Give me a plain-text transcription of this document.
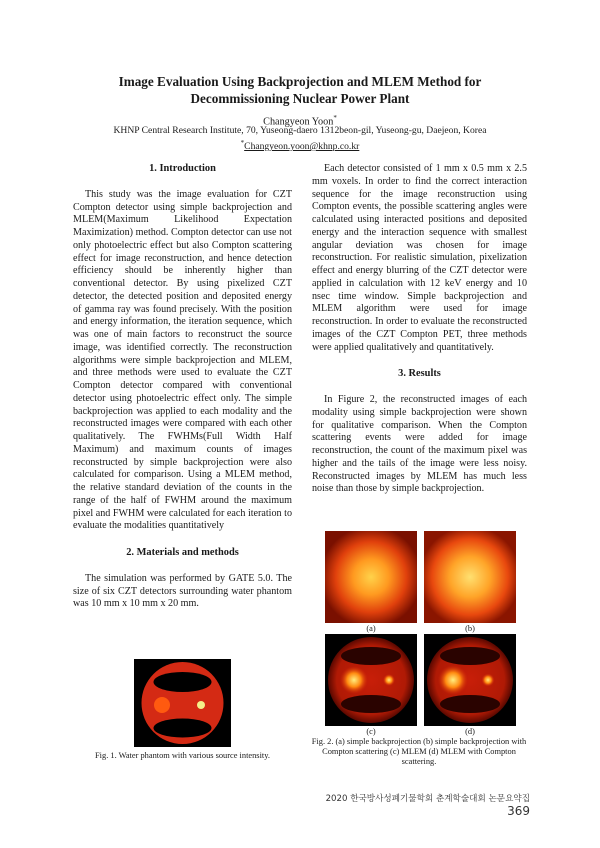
Image Evaluation Using Backprojection and MLEM Method for
Decommissioning Nuclear Power Plant
Changyeon Yoon*
KHNP Central Research Institute, 70, Yuseong-daero 1312beon-gil, Yuseong-gu, Daejeon, Korea
*Changyeon.yoon@khnp.co.kr
1. Introduction
This study was the image evaluation for CZT Compton detector using simple backprojection and MLEM(Maximum Likelihood Expectation Maximization) method. Compton detector can use not only photoelectric effect but also Compton scattering effect for image reconstruction, and hence detection efficiency should be inherently higher than conventional detector. By using pixelized CZT detector, the detected position and deposited energy of gamma ray was found precisely. With the position and energy information, the iteration sequence, which was one of main factors to reconstruct the source image, was identified correctly. The reconstruction algorithms were simple backprojection and MLEM, and three methods were used to evaluate the CZT Compton detector compared with conventional detector using photoelectric effect only. The simple backprojection was applied to each modality and the reconstructed images were compared with each other qualitatively. The FWHMs(Full Width Half Maximum) and maximum counts of images reconstructed by simple backprojection were also calculated for comparison. Using a MLEM method, the relative standard deviation of the counts in the range of the half of FWHM around the maximum pixel and FWHM were calculated for each iteration to evaluate the modalities quantitatively
2. Materials and methods
The simulation was performed by GATE 5.0. The size of six CZT detectors surrounding water phantom was 10 mm x 10 mm x 20 mm.
Fig. 1. Water phantom with various source intensity.
Each detector consisted of 1 mm x 0.5 mm x 2.5 mm voxels. In order to find the correct interaction sequence for the image reconstruction using Compton events, the possible scattering angles were calculated using interacted positions and deposited energy and the interaction sequence with smallest angular deviation was chosen for image reconstruction. For realistic simulation, pixelization effect and energy blurring of the CZT detector were applied in calculation with 12 keV energy and 10 nsec time window. Simple backprojection and MLEM algorithm were used for image reconstruction. In order to evaluate the reconstructed images of the CZT Compton PET, three methods were applied qualitatively and quantitatively.
3. Results
In Figure 2, the reconstructed images of each modality using simple backprojection were shown for qualitative comparison. When the Compton scattering events were added for image reconstruction, the count of the maximum pixel was higher and the tails of the image were less noisy. Reconstructed images by MLEM has much less noise than those by simple backprojection.
(a)	(b)
(c)	(d)
Fig. 2. (a) simple backprojection (b) simple backprojection with Compton scattering (c) MLEM (d) MLEM with Compton scattering.
2020 한국방사성폐기물학회 춘계학술대회 논문요약집369
